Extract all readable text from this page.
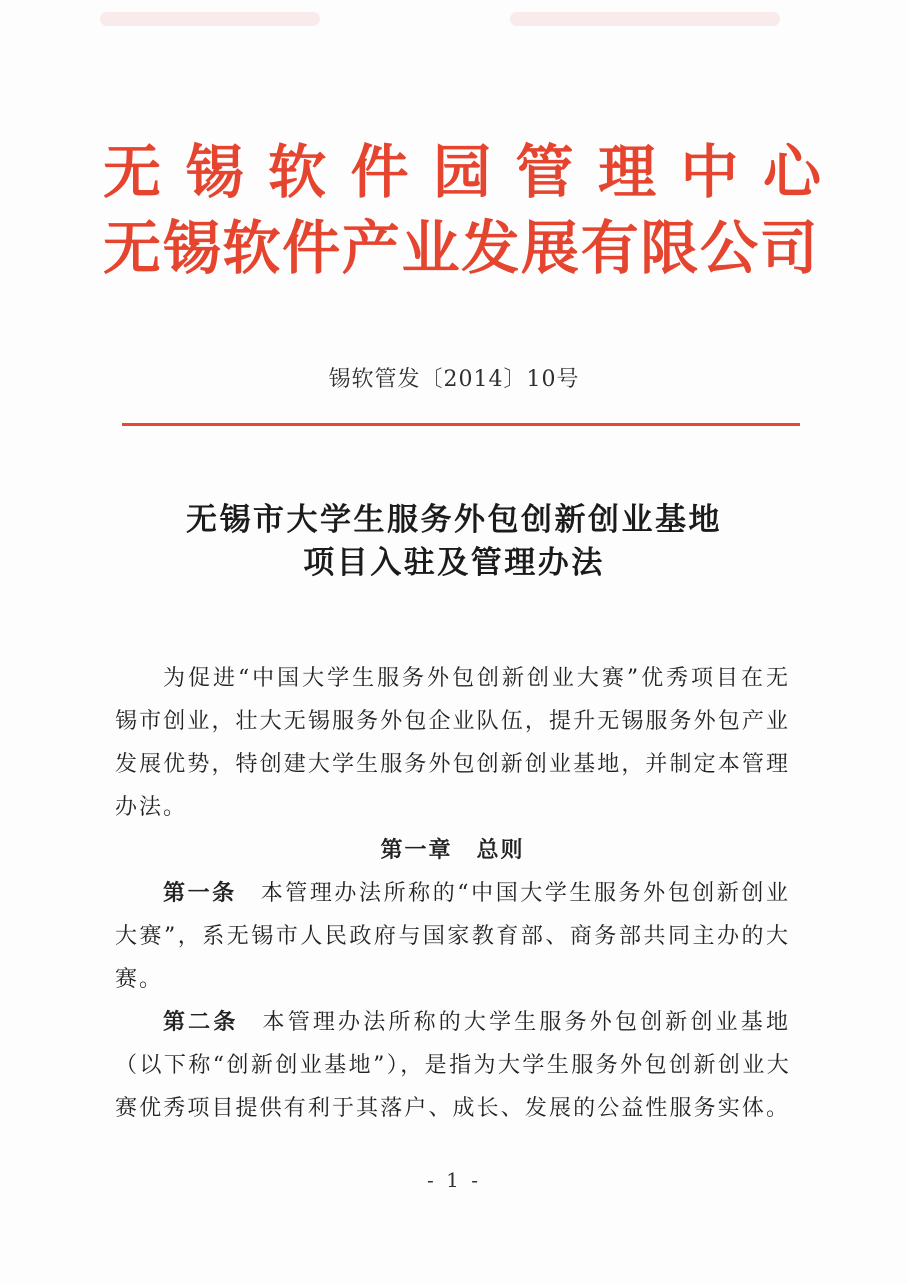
无锡软件园管理中心
无锡软件产业发展有限公司
锡软管发〔2014〕10号
无锡市大学生服务外包创新创业基地
项目入驻及管理办法
为促进“中国大学生服务外包创新创业大赛”优秀项目在无
锡市创业，壮大无锡服务外包企业队伍，提升无锡服务外包产业
发展优势，特创建大学生服务外包创新创业基地，并制定本管理
办法。
第一章　总则
第一条 本管理办法所称的“中国大学生服务外包创新创业
大赛”，系无锡市人民政府与国家教育部、商务部共同主办的大
赛。
第二条 本管理办法所称的大学生服务外包创新创业基地
（以下称“创新创业基地”），是指为大学生服务外包创新创业大
赛优秀项目提供有利于其落户、成长、发展的公益性服务实体。
- 1 -
